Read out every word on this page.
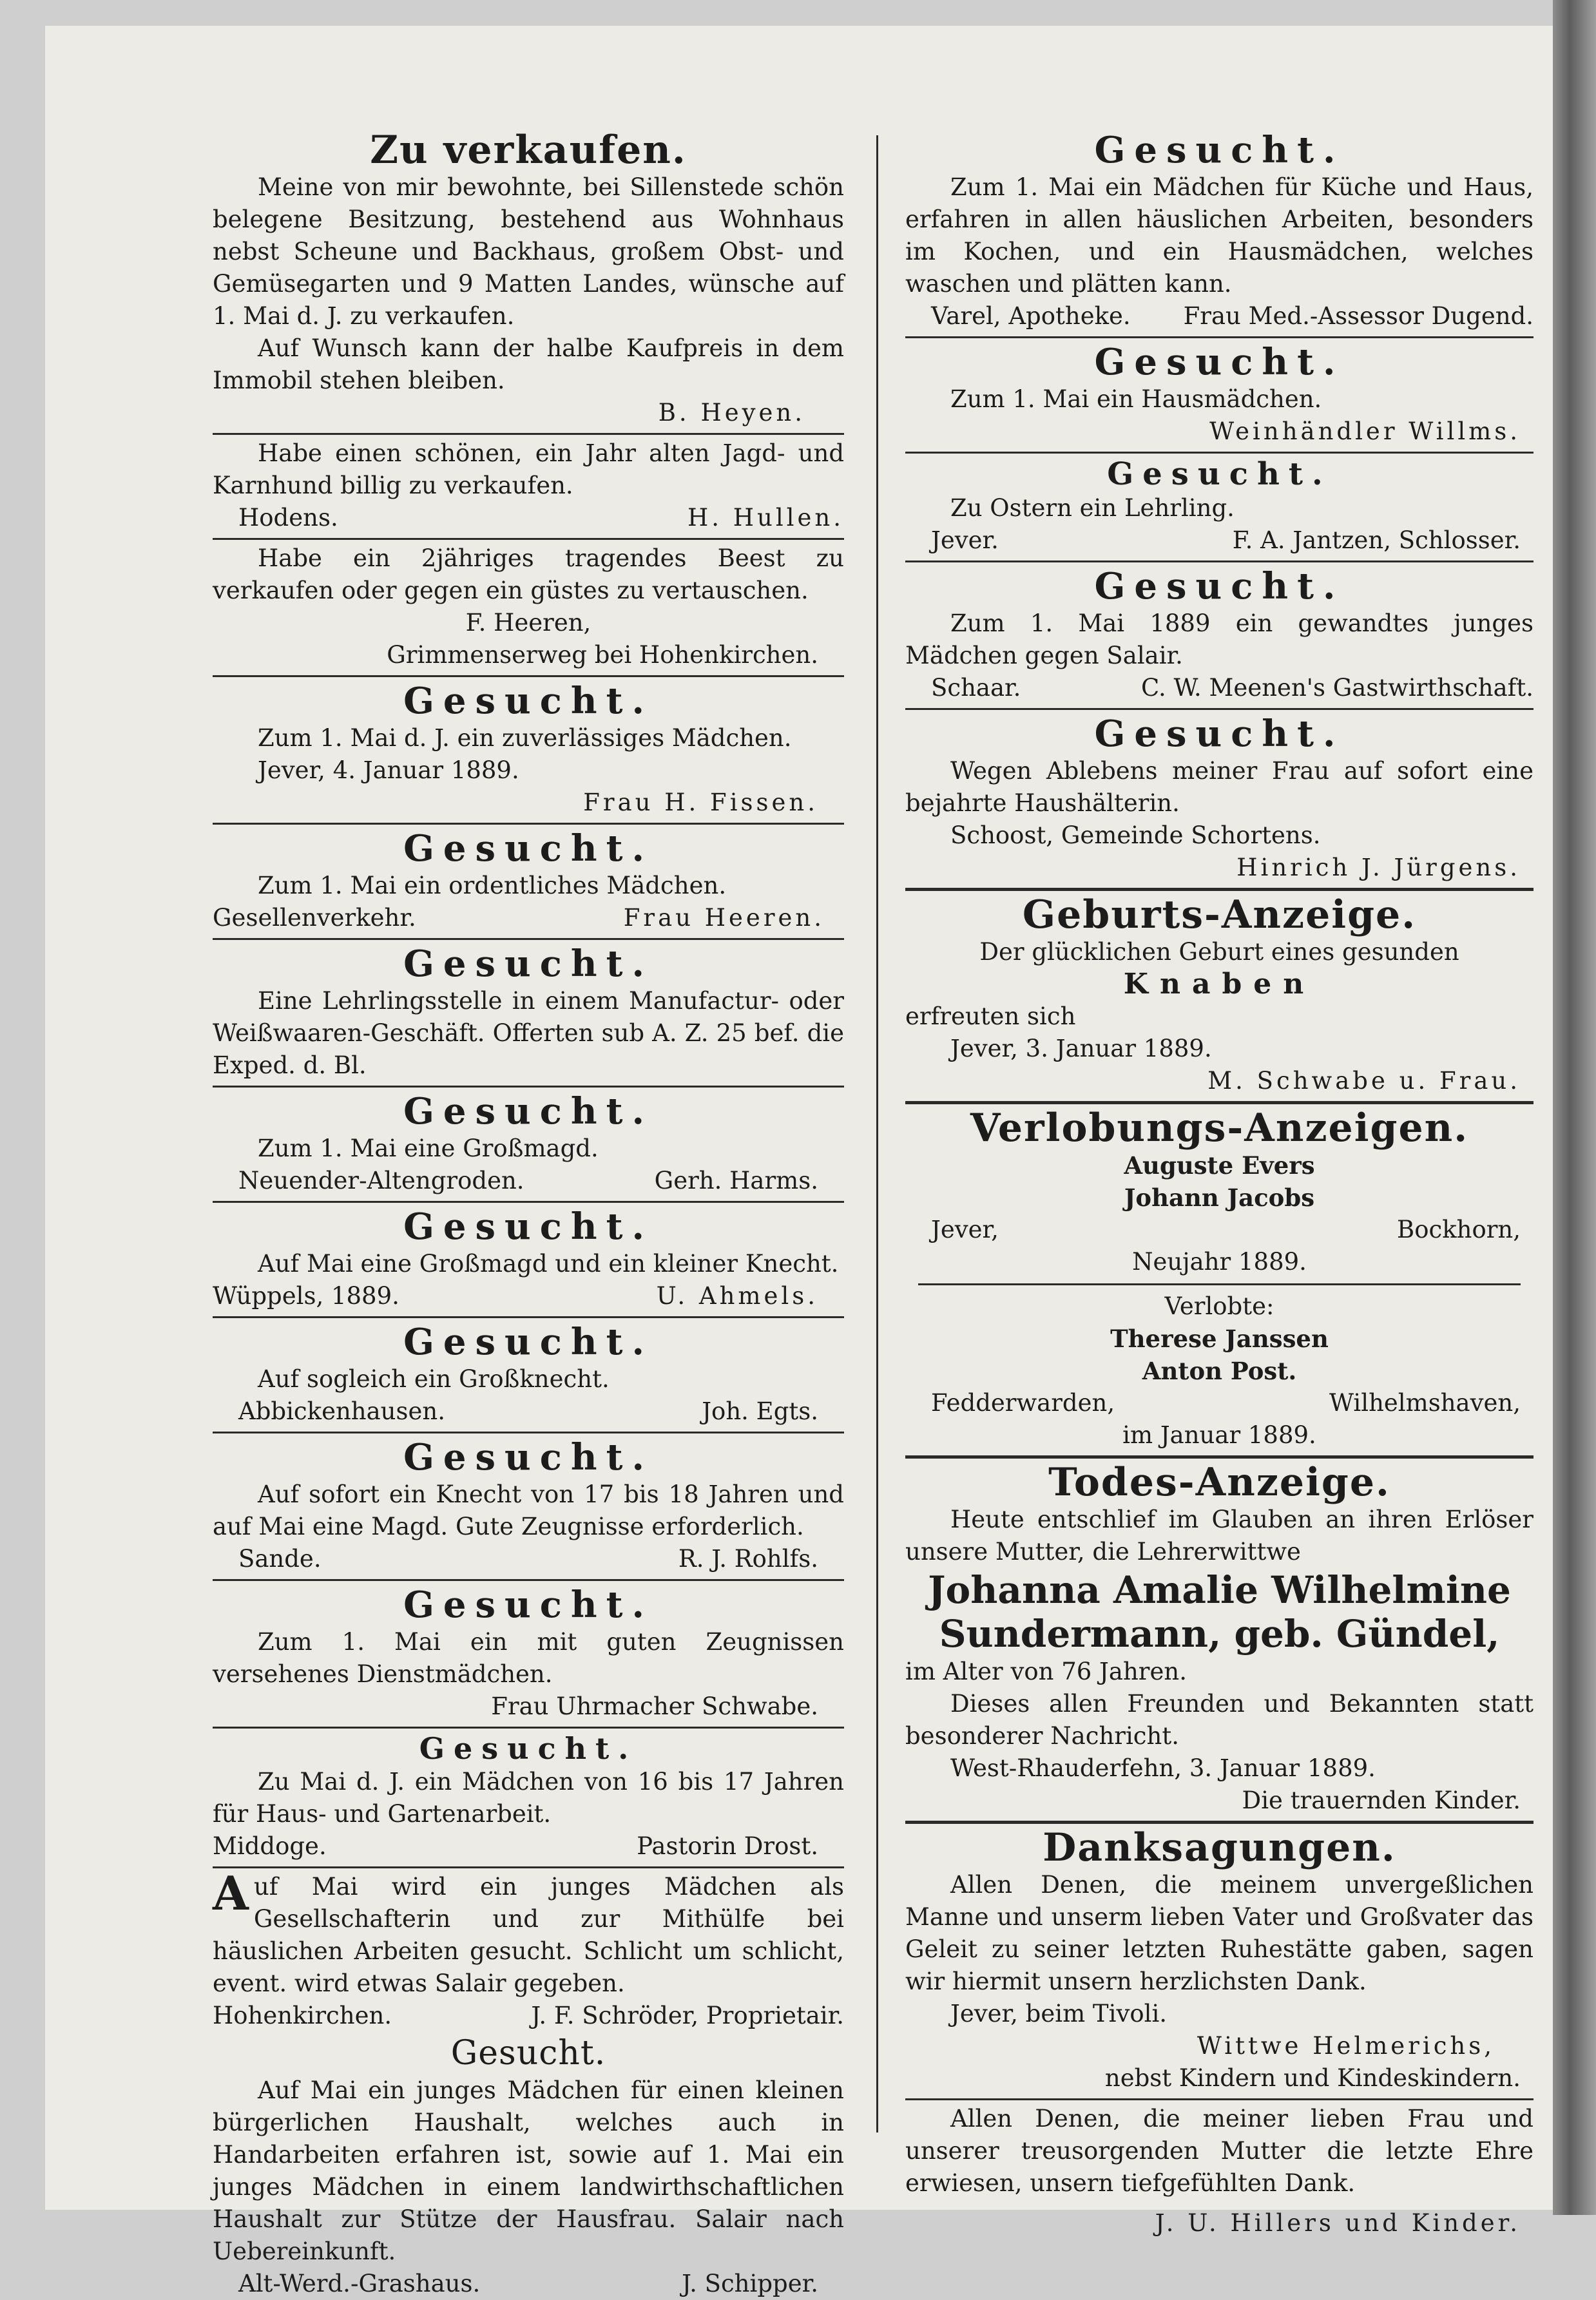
Zu verkaufen.
Meine von mir bewohnte, bei Sillenstede schön belegene Besitzung, bestehend aus Wohnhaus nebst Scheune und Backhaus, großem Obst- und Gemüsegarten und 9 Matten Landes, wünsche auf 1. Mai d. J. zu verkaufen.
Auf Wunsch kann der halbe Kaufpreis in dem Immobil stehen bleiben.
B. Heyen.
Habe einen schönen, ein Jahr alten Jagd- und Karnhund billig zu verkaufen.
Hodens.	H. Hullen.
Habe ein 2jähriges tragendes Beest zu verkaufen oder gegen ein güstes zu vertauschen.
F. Heeren,
Grimmenserweg bei Hohenkirchen.
Gesucht.
Zum 1. Mai d. J. ein zuverlässiges Mädchen.
Jever, 4. Januar 1889.
Frau H. Fissen.
Gesucht.
Zum 1. Mai ein ordentliches Mädchen.
Gesellenverkehr.	Frau Heeren.
Gesucht.
Eine Lehrlingsstelle in einem Manufactur- oder Weißwaaren-Geschäft. Offerten sub A. Z. 25 bef. die Exped. d. Bl.
Gesucht.
Zum 1. Mai eine Großmagd.
Neuender-Altengroden.	Gerh. Harms.
Gesucht.
Auf Mai eine Großmagd und ein kleiner Knecht.
Wüppels, 1889.	U. Ahmels.
Gesucht.
Auf sogleich ein Großknecht.
Abbickenhausen.	Joh. Egts.
Gesucht.
Auf sofort ein Knecht von 17 bis 18 Jahren und auf Mai eine Magd. Gute Zeugnisse erforderlich.
Sande.	R. J. Rohlfs.
Gesucht.
Zum 1. Mai ein mit guten Zeugnissen versehenes Dienstmädchen.
Frau Uhrmacher Schwabe.
Gesucht.
Zu Mai d. J. ein Mädchen von 16 bis 17 Jahren für Haus- und Gartenarbeit.
Middoge.	Pastorin Drost.
Auf Mai wird ein junges Mädchen als Gesellschafterin und zur Mithülfe bei häuslichen Arbeiten gesucht. Schlicht um schlicht, event. wird etwas Salair gegeben.
Hohenkirchen.	J. F. Schröder, Proprietair.
Gesucht.
Auf Mai ein junges Mädchen für einen kleinen bürgerlichen Haushalt, welches auch in Handarbeiten erfahren ist, sowie auf 1. Mai ein junges Mädchen in einem landwirthschaftlichen Haushalt zur Stütze der Hausfrau. Salair nach Uebereinkunft.
Alt-Werd.-Grashaus.	J. Schipper.
Gesucht.
Zum 1. Mai ein Mädchen für Küche und Haus, erfahren in allen häuslichen Arbeiten, besonders im Kochen, und ein Hausmädchen, welches waschen und plätten kann.
Varel, Apotheke. Frau Med.-Assessor Dugend.
Gesucht.
Zum 1. Mai ein Hausmädchen.
Weinhändler Willms.
Gesucht.
Zu Ostern ein Lehrling.
Jever.	F. A. Jantzen, Schlosser.
Gesucht.
Zum 1. Mai 1889 ein gewandtes junges Mädchen gegen Salair.
Schaar.	C. W. Meenen's Gastwirthschaft.
Gesucht.
Wegen Ablebens meiner Frau auf sofort eine bejahrte Haushälterin.
Schoost, Gemeinde Schortens.
Hinrich J. Jürgens.
Geburts-Anzeige.
Der glücklichen Geburt eines gesunden
Knaben
erfreuten sich
Jever, 3. Januar 1889.
M. Schwabe u. Frau.
Verlobungs-Anzeigen.
Auguste Evers
Johann Jacobs
Jever,	Bockhorn,
Neujahr 1889.
Verlobte:
Therese Janssen
Anton Post.
Fedderwarden,	Wilhelmshaven,
im Januar 1889.
Todes-Anzeige.
Heute entschlief im Glauben an ihren Erlöser unsere Mutter, die Lehrerwittwe
Johanna Amalie Wilhelmine Sundermann, geb. Gündel,
im Alter von 76 Jahren.
Dieses allen Freunden und Bekannten statt besonderer Nachricht.
West-Rhauderfehn, 3. Januar 1889.
Die trauernden Kinder.
Danksagungen.
Allen Denen, die meinem unvergeßlichen Manne und unserm lieben Vater und Großvater das Geleit zu seiner letzten Ruhestätte gaben, sagen wir hiermit unsern herzlichsten Dank.
Jever, beim Tivoli.
Wittwe Helmerichs,
nebst Kindern und Kindeskindern.
Allen Denen, die meiner lieben Frau und unserer treusorgenden Mutter die letzte Ehre erwiesen, unsern tiefgefühlten Dank.
J. U. Hillers und Kinder.
